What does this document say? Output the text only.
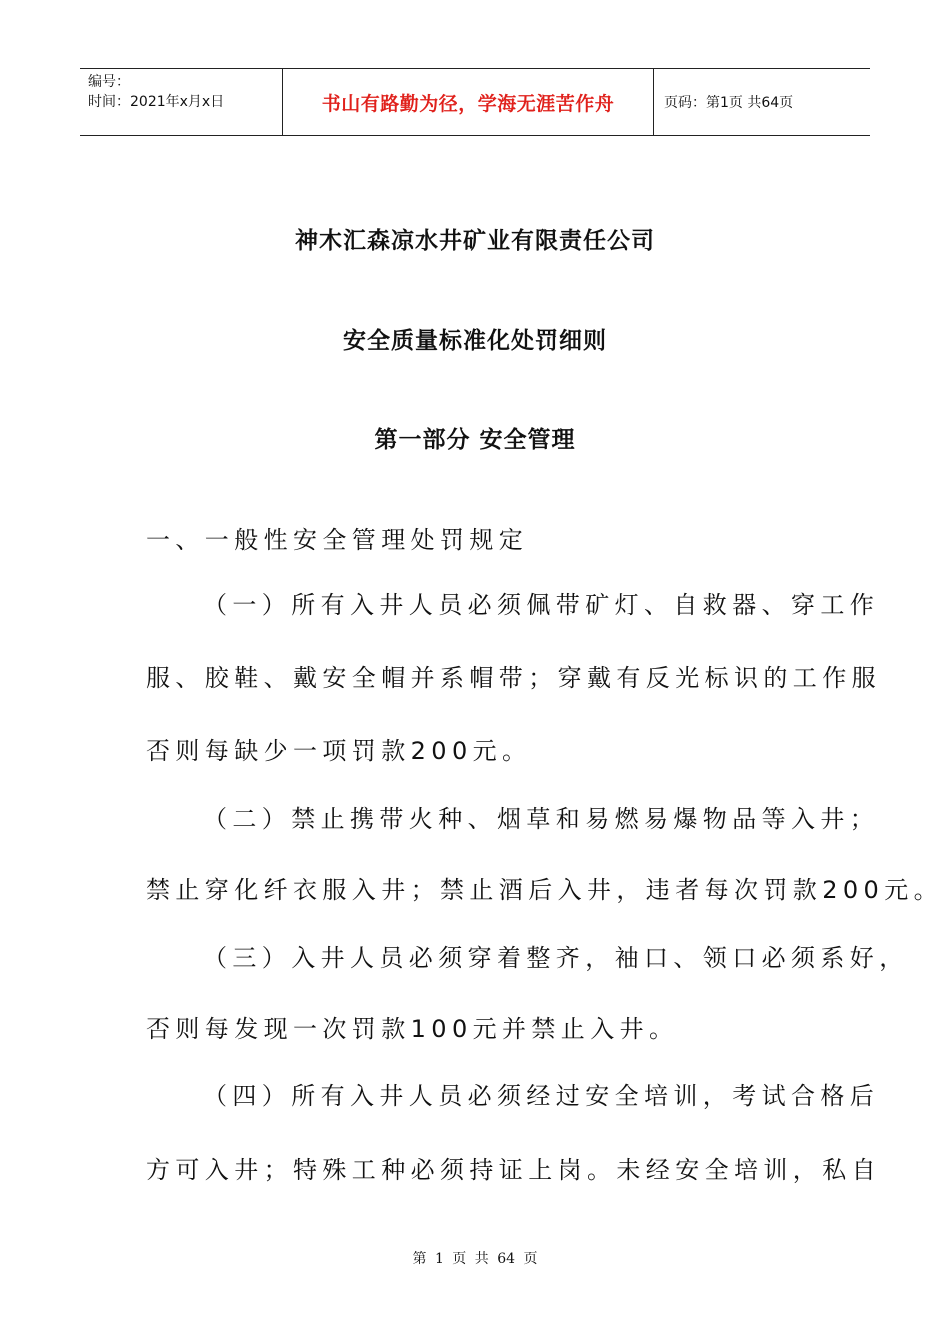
编号：
时间：2021年x月x日	书山有路勤为径，学海无涯苦作舟	页码：第1页 共64页
神木汇森凉水井矿业有限责任公司
安全质量标准化处罚细则
第一部分 安全管理
一、一般性安全管理处罚规定
（一）所有入井人员必须佩带矿灯、自救器、穿工作
服、胶鞋、戴安全帽并系帽带；穿戴有反光标识的工作服
否则每缺少一项罚款200元。
（二）禁止携带火种、烟草和易燃易爆物品等入井；
禁止穿化纤衣服入井；禁止酒后入井，违者每次罚款200元。
（三）入井人员必须穿着整齐，袖口、领口必须系好，
否则每发现一次罚款100元并禁止入井。
（四）所有入井人员必须经过安全培训，考试合格后
方可入井；特殊工种必须持证上岗。未经安全培训，私自
第 1 页 共 64 页
